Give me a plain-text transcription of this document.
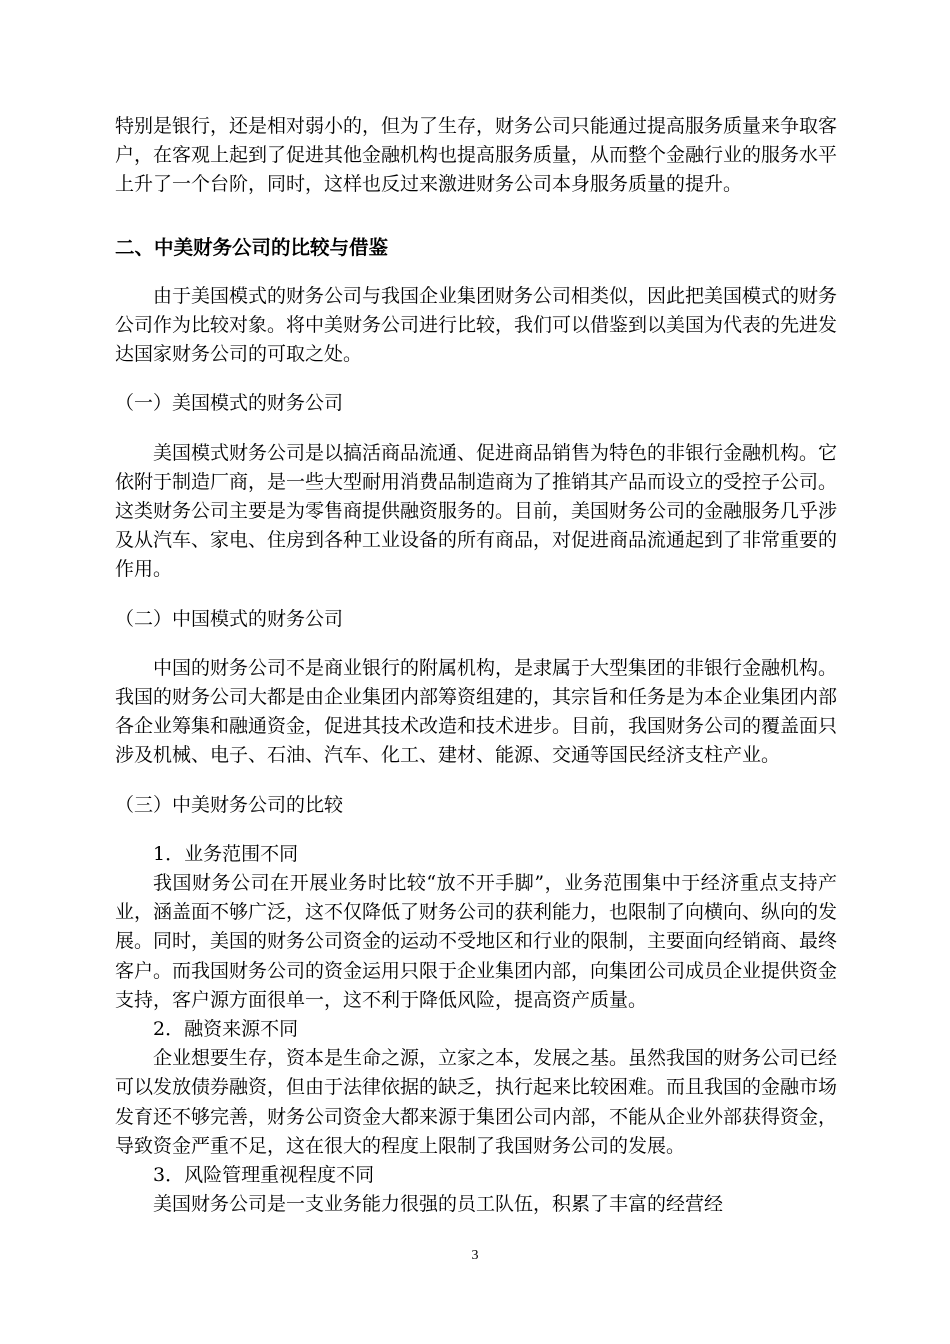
特别是银行，还是相对弱小的，但为了生存，财务公司只能通过提高服务质量来争取客户，在客观上起到了促进其他金融机构也提高服务质量，从而整个金融行业的服务水平上升了一个台阶，同时，这样也反过来激进财务公司本身服务质量的提升。

二、中美财务公司的比较与借鉴

由于美国模式的财务公司与我国企业集团财务公司相类似，因此把美国模式的财务公司作为比较对象。将中美财务公司进行比较，我们可以借鉴到以美国为代表的先进发达国家财务公司的可取之处。

（一）美国模式的财务公司

美国模式财务公司是以搞活商品流通、促进商品销售为特色的非银行金融机构。它依附于制造厂商，是一些大型耐用消费品制造商为了推销其产品而设立的受控子公司。这类财务公司主要是为零售商提供融资服务的。目前，美国财务公司的金融服务几乎涉及从汽车、家电、住房到各种工业设备的所有商品，对促进商品流通起到了非常重要的作用。

（二）中国模式的财务公司

中国的财务公司不是商业银行的附属机构，是隶属于大型集团的非银行金融机构。我国的财务公司大都是由企业集团内部筹资组建的，其宗旨和任务是为本企业集团内部各企业筹集和融通资金，促进其技术改造和技术进步。目前，我国财务公司的覆盖面只涉及机械、电子、石油、汽车、化工、建材、能源、交通等国民经济支柱产业。

（三）中美财务公司的比较

1．业务范围不同

我国财务公司在开展业务时比较“放不开手脚”，业务范围集中于经济重点支持产业，涵盖面不够广泛，这不仅降低了财务公司的获利能力，也限制了向横向、纵向的发展。同时，美国的财务公司资金的运动不受地区和行业的限制，主要面向经销商、最终客户。而我国财务公司的资金运用只限于企业集团内部，向集团公司成员企业提供资金支持，客户源方面很单一，这不利于降低风险，提高资产质量。

2．融资来源不同

企业想要生存，资本是生命之源，立家之本，发展之基。虽然我国的财务公司已经可以发放债券融资，但由于法律依据的缺乏，执行起来比较困难。而且我国的金融市场发育还不够完善，财务公司资金大都来源于集团公司内部，不能从企业外部获得资金，导致资金严重不足，这在很大的程度上限制了我国财务公司的发展。

3．风险管理重视程度不同

美国财务公司是一支业务能力很强的员工队伍，积累了丰富的经营经

3
